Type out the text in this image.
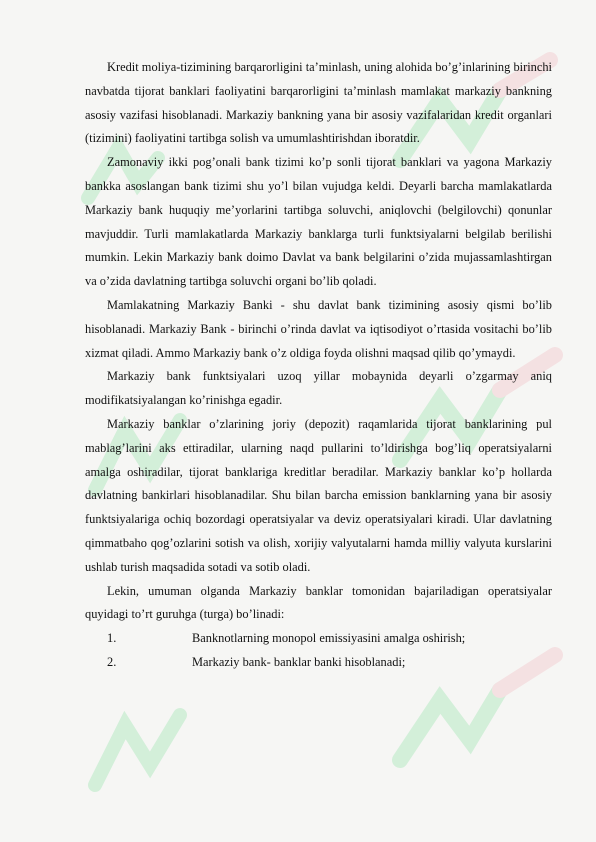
Kredit moliya-tizimining barqarorligini ta’minlash, uning alohida bo’g’inlarining birinchi navbatda tijorat banklari faoliyatini barqarorligini ta’minlash mamlakat markaziy bankning asosiy vazifasi hisoblanadi. Markaziy bankning yana bir asosiy vazifalaridan kredit organlari (tizimini) faoliyatini tartibga solish va umumlashtirishdan iboratdir.

Zamonaviy ikki pog’onali bank tizimi ko’p sonli tijorat banklari va yagona Markaziy bankka asoslangan bank tizimi shu yo’l bilan vujudga keldi. Deyarli barcha mamlakatlarda Markaziy bank huquqiy me’yorlarini tartibga soluvchi, aniqlovchi (belgilovchi) qonunlar mavjuddir. Turli mamlakatlarda Markaziy banklarga turli funktsiyalarni belgilab berilishi mumkin. Lekin Markaziy bank doimo Davlat va bank belgilarini o’zida mujassamlashtirgan va o’zida davlatning tartibga soluvchi organi bo’lib qoladi.

Mamlakatning Markaziy Banki - shu davlat bank tizimining asosiy qismi bo’lib hisoblanadi. Markaziy Bank - birinchi o’rinda davlat va iqtisodiyot o’rtasida vositachi bo’lib xizmat qiladi. Ammo Markaziy bank o’z oldiga foyda olishni maqsad qilib qo’ymaydi.

Markaziy bank funktsiyalari uzoq yillar mobaynida deyarli o’zgarmay aniq modifikatsiyalangan ko’rinishga egadir.

Markaziy banklar o’zlarining joriy (depozit) raqamlarida tijorat banklarining pul mablag’larini aks ettiradilar, ularning naqd pullarini to’ldirishga bog’liq operatsiyalarni amalga oshiradilar, tijorat banklariga kreditlar beradilar. Markaziy banklar ko’p hollarda davlatning bankirlari hisoblanadilar. Shu bilan barcha emission banklarning yana bir asosiy funktsiyalariga ochiq bozordagi operatsiyalar va deviz operatsiyalari kiradi. Ular davlatning qimmatbaho qog’ozlarini sotish va olish, xorijiy valyutalarni hamda milliy valyuta kurslarini ushlab turish maqsadida sotadi va sotib oladi.

Lekin, umuman olganda Markaziy banklar tomonidan bajariladigan operatsiyalar quyidagi to’rt guruhga (turga) bo’linadi:

1.	Banknotlarning monopol emissiyasini amalga oshirish;
2.	Markaziy bank- banklar banki hisoblanadi;
